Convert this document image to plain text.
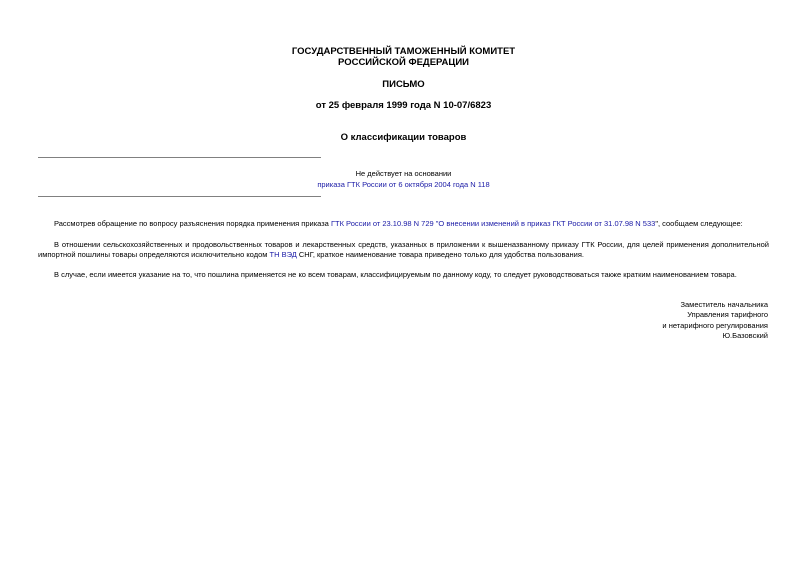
ГОСУДАРСТВЕННЫЙ ТАМОЖЕННЫЙ КОМИТЕТ
РОССИЙСКОЙ ФЕДЕРАЦИИ
ПИСЬМО
от 25 февраля 1999 года N 10-07/6823
О классификации товаров
Не действует на основании
приказа ГТК России от 6 октября 2004 года N 118
Рассмотрев обращение по вопросу разъяснения порядка применения приказа ГТК России от 23.10.98 N 729 "О внесении изменений в приказ ГКТ России от 31.07.98 N 533", сообщаем следующее:
В отношении сельскохозяйственных и продовольственных товаров и лекарственных средств, указанных в приложении к вышеназванному приказу ГТК России, для целей применения дополнительной импортной пошлины товары определяются исключительно кодом ТН ВЭД СНГ, краткое наименование товара приведено только для удобства пользования.
В случае, если имеется указание на то, что пошлина применяется не ко всем товарам, классифицируемым по данному коду, то следует руководствоваться также кратким наименованием товара.
Заместитель начальника
Управления тарифного
и нетарифного регулирования
Ю.Базовский
